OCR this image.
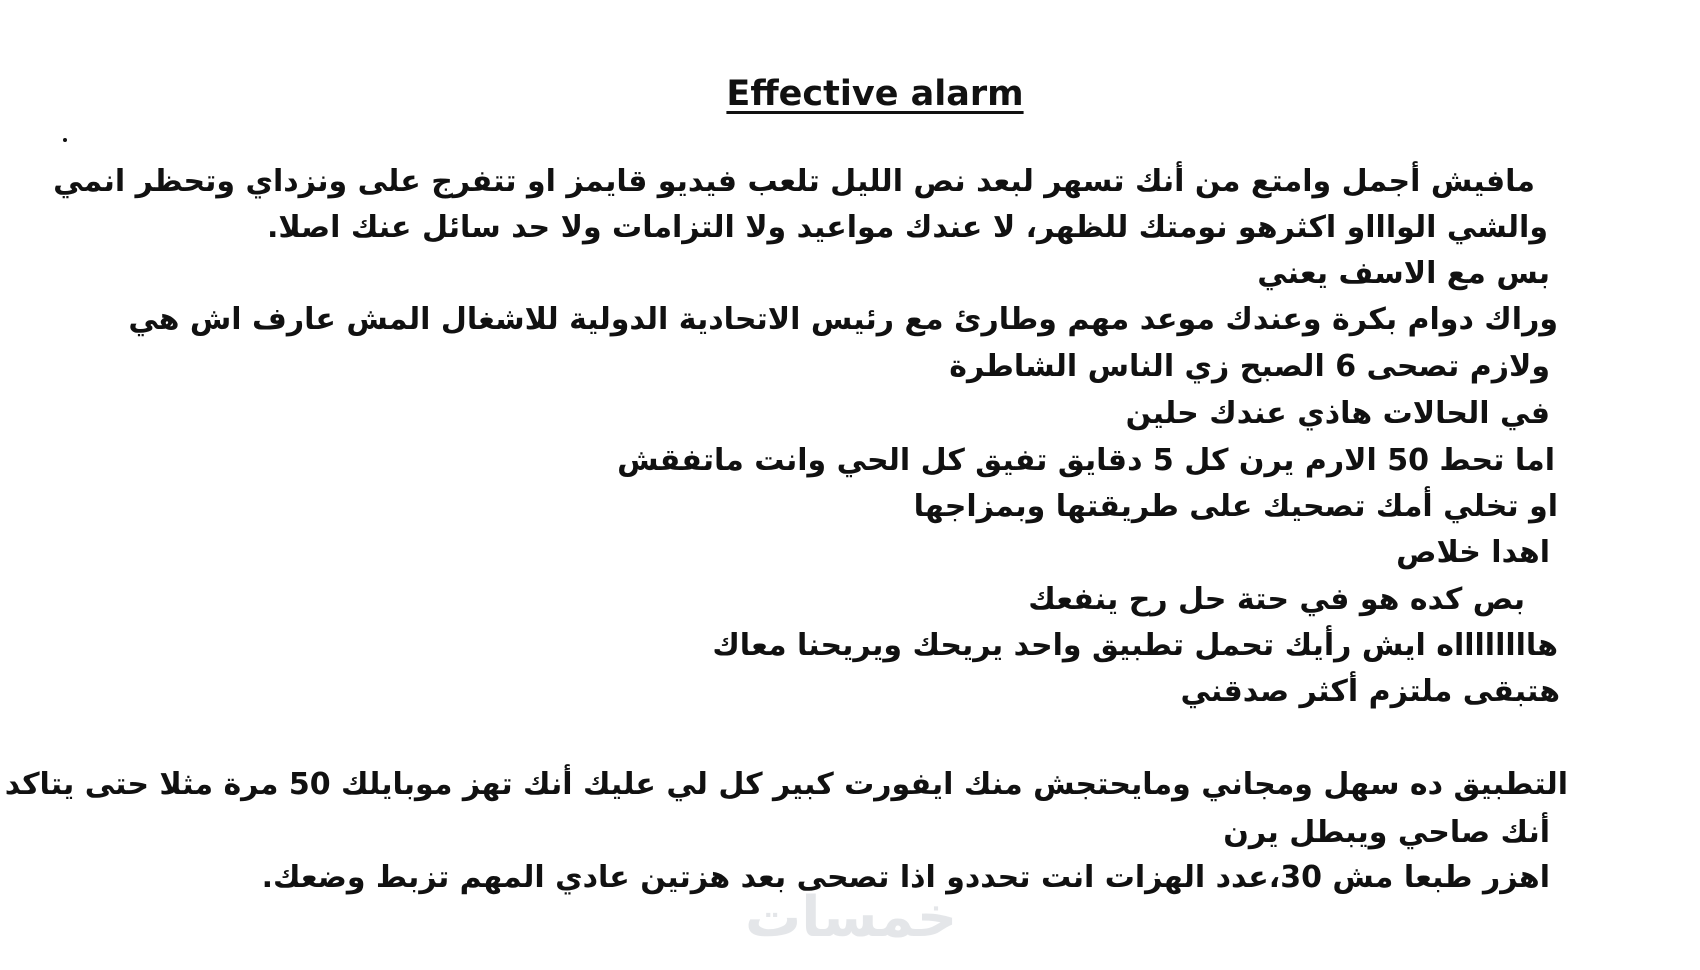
Effective alarm

مافيش أجمل وامتع من أنك تسهر لبعد نص الليل تلعب فيديو قايمز او تتفرج على ونزداي وتحظر انمي

والشي الواااو اكثرهو نومتك للظهر، لا عندك مواعيد ولا التزامات ولا حد سائل عنك اصلا.

بس مع الاسف يعني

وراك دوام بكرة وعندك موعد مهم وطارئ مع رئيس الاتحادية الدولية للاشغال المش عارف اش هي

ولازم تصحى 6 الصبح زي الناس الشاطرة

في الحالات هاذي عندك حلين

اما تحط 50 الارم يرن كل 5 دقايق تفيق كل الحي وانت ماتفقش

او تخلي أمك تصحيك على طريقتها وبمزاجها

اهدا خلاص

بص كده هو في حتة حل رح ينفعك

هااااااااه ايش رأيك تحمل تطبيق واحد يريحك ويريحنا معاك

هتبقى ملتزم أكثر صدقني

التطبيق ده سهل ومجاني ومايحتجش منك ايفورت كبير كل لي عليك أنك تهز موبايلك 50 مرة مثلا حتى يتاكد

أنك صاحي ويبطل يرن

اهزر طبعا مش 30،عدد الهزات انت تحددو اذا تصحى بعد هزتين عادي المهم تزبط وضعك.

خمسات
